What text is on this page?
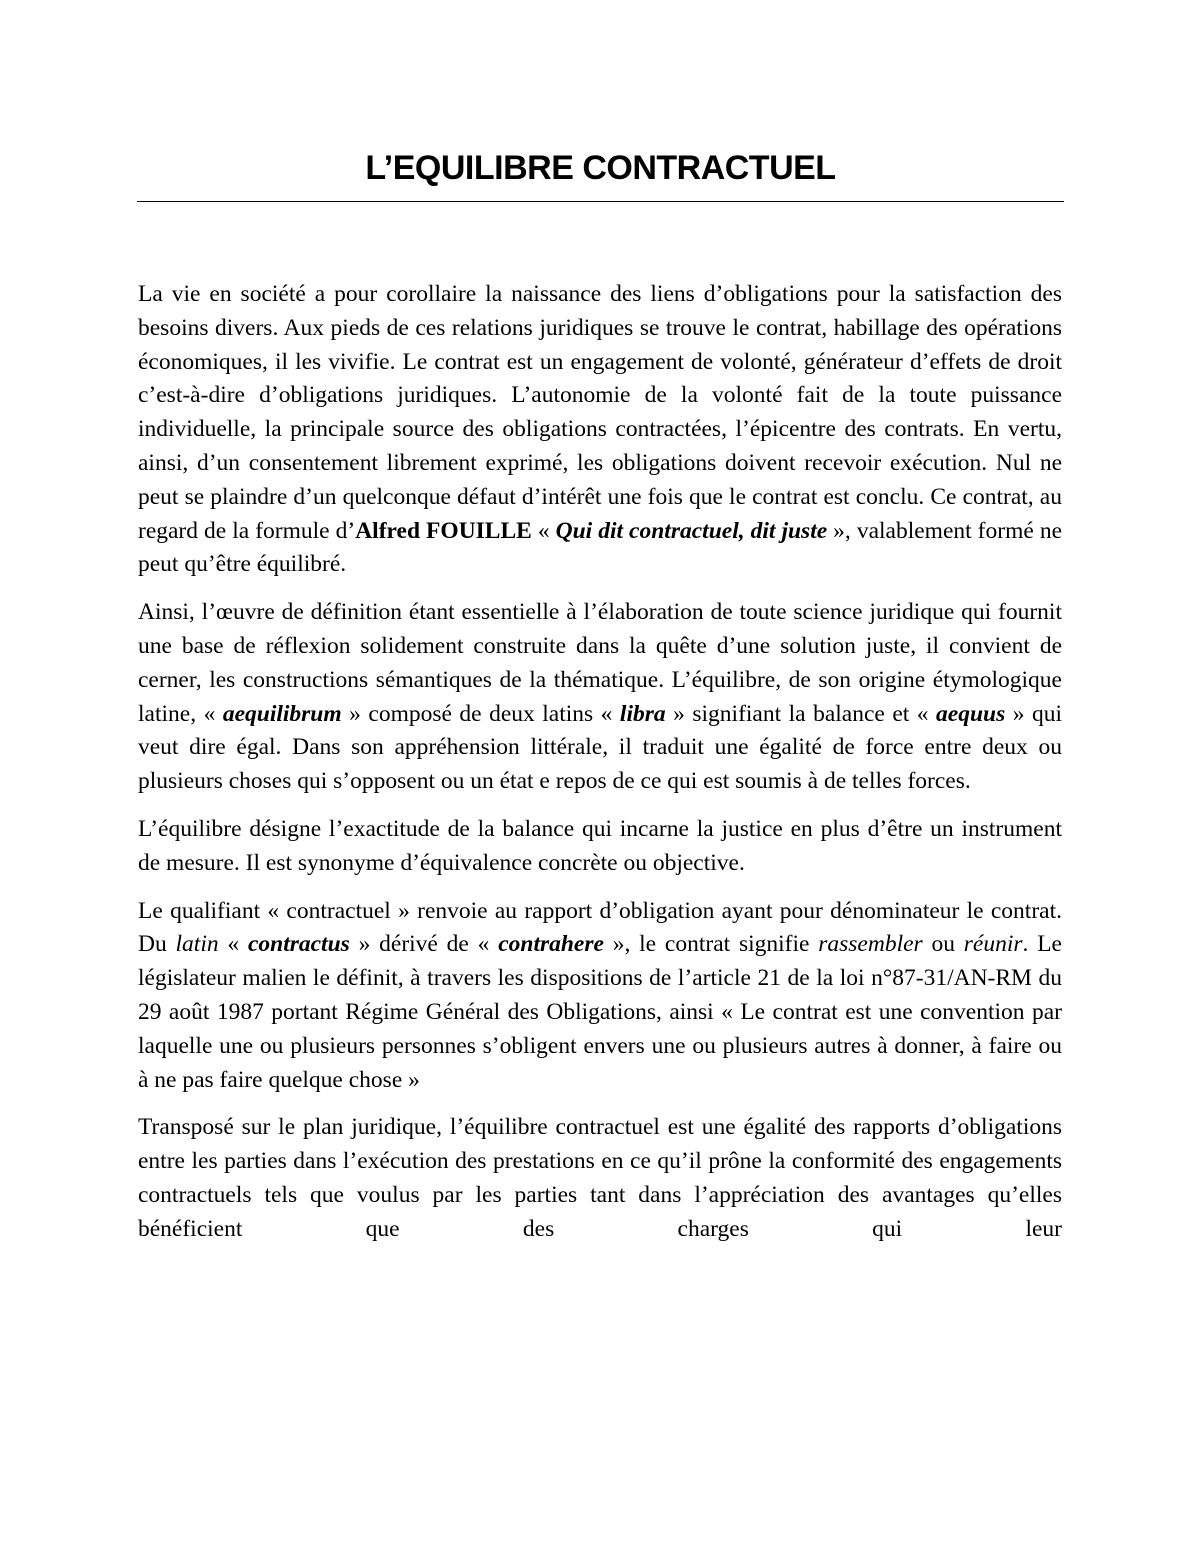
L’EQUILIBRE CONTRACTUEL

La vie en société a pour corollaire la naissance des liens d’obligations pour la satisfaction des besoins divers. Aux pieds de ces relations juridiques se trouve le contrat, habillage des opérations économiques, il les vivifie. Le contrat est un engagement de volonté, générateur d’effets de droit c’est-à-dire d’obligations juridiques. L’autonomie de la volonté fait de la toute puissance individuelle, la principale source des obligations contractées, l’épicentre des contrats. En vertu, ainsi, d’un consentement librement exprimé, les obligations doivent recevoir exécution. Nul ne peut se plaindre d’un quelconque défaut d’intérêt une fois que le contrat est conclu. Ce contrat, au regard de la formule d’Alfred FOUILLE « Qui dit contractuel, dit juste », valablement formé ne peut qu’être équilibré.

Ainsi, l’œuvre de définition étant essentielle à l’élaboration de toute science juridique qui fournit une base de réflexion solidement construite dans la quête d’une solution juste, il convient de cerner, les constructions sémantiques de la thématique. L’équilibre, de son origine étymologique latine, « aequilibrum » composé de deux latins « libra » signifiant la balance et « aequus » qui veut dire égal. Dans son appréhension littérale, il traduit une égalité de force entre deux ou plusieurs choses qui s’opposent ou un état e repos de ce qui est soumis à de telles forces.

L’équilibre désigne l’exactitude de la balance qui incarne la justice en plus d’être un instrument de mesure. Il est synonyme d’équivalence concrète ou objective.

Le qualifiant « contractuel » renvoie au rapport d’obligation ayant pour dénominateur le contrat. Du latin « contractus » dérivé de « contrahere », le contrat signifie rassembler ou réunir. Le législateur malien le définit, à travers les dispositions de l’article 21 de la loi n°87-31/AN-RM du 29 août 1987 portant Régime Général des Obligations, ainsi « Le contrat est une convention par laquelle une ou plusieurs personnes s’obligent envers une ou plusieurs autres à donner, à faire ou à ne pas faire quelque chose »

Transposé sur le plan juridique, l’équilibre contractuel est une égalité des rapports d’obligations entre les parties dans l’exécution des prestations en ce qu’il prône la conformité des engagements contractuels tels que voulus par les parties tant dans l’appréciation des avantages qu’elles bénéficient que des charges qui leur
